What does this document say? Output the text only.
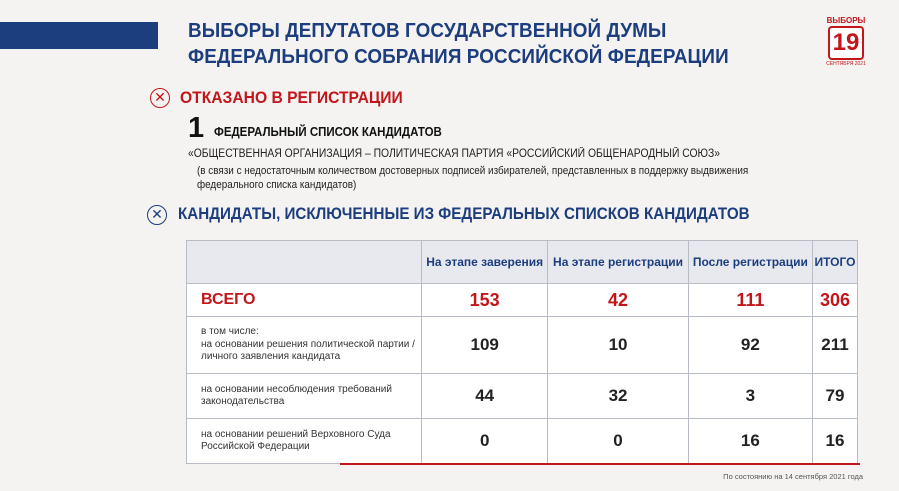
ВЫБОРЫ ДЕПУТАТОВ ГОСУДАРСТВЕННОЙ ДУМЫ
ФЕДЕРАЛЬНОГО СОБРАНИЯ РОССИЙСКОЙ ФЕДЕРАЦИИ
ВЫБОРЫ
19
СЕНТЯБРЯ 2021
✕ ОТКАЗАНО В РЕГИСТРАЦИИ
1 ФЕДЕРАЛЬНЫЙ СПИСОК КАНДИДАТОВ
«ОБЩЕСТВЕННАЯ ОРГАНИЗАЦИЯ – ПОЛИТИЧЕСКАЯ ПАРТИЯ «РОССИЙСКИЙ ОБЩЕНАРОДНЫЙ СОЮЗ»
(в связи с недостаточным количеством достоверных подписей избирателей, представленных в поддержку выдвижения федерального списка кандидатов)
✕ КАНДИДАТЫ, ИСКЛЮЧЕННЫЕ ИЗ ФЕДЕРАЛЬНЫХ СПИСКОВ КАНДИДАТОВ
	На этапе заверения	На этапе регистрации	После регистрации	ИТОГО
ВСЕГО	153	42	111	306
в том числе:
на основании решения политической партии /личного заявления кандидата	109	10	92	211
на основании несоблюдения требований законодательства	44	32	3	79
на основании решений Верховного Суда Российской Федерации	0	0	16	16
По состоянию на 14 сентября 2021 года
